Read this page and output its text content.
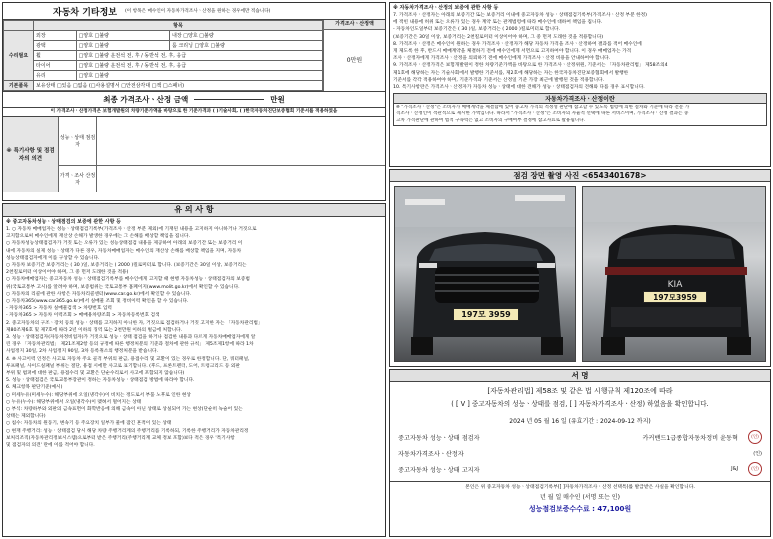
자동차 기타정보 (이 항목은 매수인이 자동차가격조사ㆍ산정을 원하는 경우에만 적습니다)
	항목		
수리필요	외장	□양호 □불량	내장 □양호 □불량
	광택	□양호 □불량	룸 크리닝 □양호 □불량
	휠	□양호 □불량 운전석 전, 후 / 동반석 전, 후, 응급	
	타이어	□양호 □불량 운전석 전, 후 / 동반석 전, 후, 응급	
	유리	□양호 □불량	
기본품목	보유상태 □있음 □없음 (□사용설명서 □안전삼각대 □잭 □스패너)		
가격조사ㆍ산정액
0만원
최종 가격조사ㆍ산정 금액	만원
이 가격조사ㆍ산정가격은 보험개발원의 차량기준가액을 바탕으로 한 기준가격과 ( )기술사회, ( )한국자동차진단보증협회 기준서를 적용하였음
※ 특기사항 및 점검자의 의견
성능ㆍ상태 점검자
가격ㆍ조사 산정자
유 의 사 항
※ 중고자동차성능ㆍ상태점검의 보증에 관한 사항 등
1. ○ 자동차 매매업자는 성능ㆍ상태점검기록부(가격조사ㆍ산정 부분 제외)에 기재된 내용을 고지하지 아니하거나 거짓으로
고지함으로써 매수인에게 재산상 손해가 발생한 경우에는 그 손해를 배상할 책임을 집니다.
○ 자동차성능상태점검자가 거짓 또는 오류가 있는 성능상태점검 내용을 제공하여 아래의 보증기간 또는 보증거리 이
내에 자동차의 실제 성능ㆍ상태가 다른 경우, 자동차매매업자는 매수인의 재산상 손해를 배상할 책임을 지며, 자동차
성능상태점검자에게 이를 구상할 수 있습니다.
○ 자동차 보증기간 보증거리는 ( 30 )일, 보증거리는 ( 2000 )킬로미터로 합니다. (보증기간은 30일 이상, 보증거리는
2천킬로미터 이상이어야 하며, 그 중 먼저 도래한 것을 적용)
○ 자동차매매업자는 중고자동차 성능ㆍ상태점검기록부를 매수인에게 고지할 때 현행 자동차성능ㆍ상태점검자의 보증범
위(국토교통부 고시)를 알려야 하며, 보증범위는 국토교통부 홈페이지(www.molit.go.kr)에서 확인할 수 있습니다.
○ 자동차의 리콜에 관한 사항은 자동차리콜센터(www.car.go.kr)에서 확인할 수 있습니다.
○ 자동차365(www.car365.go.kr)에서 실매물 조회 및 정비이력 확인을 할 수 있습니다.
- 자동차365 > 자동차 실매물검색 > 차량번호 입력
- 자동차365 > 자동차 이력조회 > 매매용차량조회 > 자동차등록번호 검색
2. 중고자동차의 구조ㆍ장치 등의 성능ㆍ상태를 고지하지 아니한 자, 거짓으로 점검하거나 거짓 고지한 자는 「자동차관리법」
제80조제6호 및 제7호에 따라 2년 이하의 징역 또는 2천만원 이하의 벌금에 처합니다.
3. 성능ㆍ상태점검자(자동차정비업자)가 거짓으로 성능ㆍ상태 점검을 하거나 점검한 내용과 다르게 자동차매매업자에게 알
린 경우 「자동차관리법」 제21조제2항 등의 규정에 따른 행정처분의 기준과 절차에 관한 규칙」 제5조제1항에 따라 1차
사업정지 30일, 2차 사업정지 90일, 3차 등록취소의 행정처분을 받습니다.
4. ※ 사고이력 인정은 사고로 자동차 주요 골격 부위의 판금, 용접수리 및 교환이 있는 경우로 한정합니다. 단, 쿼터패널,
루프패널, 사이드실패널 부위는 절단, 용접 시에만 사고로 표기합니다. (후드, 프론트펜더, 도어, 트렁크리드 등 외판
부위 및 범퍼에 대한 판금, 용접수리 및 교환은 단순수리로서 사고에 포함되지 않습니다)
5. 성능ㆍ상태점검은 국토교통부장관이 정하는 자동차성능ㆍ상태점검 방법에 따라야 합니다.
6. 체크항목 판단기준(예시)
○ 미세누유(미세누수): 해당부위에 오일(냉각수)이 비치는 정도로서 부품 노후로 인한 현상
○ 누유(누수): 해당부위에서 오일(냉각수)이 맺혀서 떨어지는 상태
○ 부식: 차량하부와 외판의 금속표면이 화학반응에 의해 금속이 아닌 상태로 상실되어 가는 현상(단순히 녹슬어 있는
상태는 제외합니다)
○ 침수: 자동차의 원동기, 변속기 등 주요장치 일부가 물에 잠긴 흔적이 있는 상태
○ 현재 주행거리: 성능ㆍ상태점검 당시 해당 차량 주행거리계의 주행거리를 기록하되, 기록한 주행거리가 자동차관리정
보처리조직(자동차관리정보시스템)으로부터 받은 주행거리(주행거리계 교체 정보 포함)보다 적은 경우 '특기사항
및 점검자의 의견' 란에 이를 적어야 합니다.
※ 자동차가격조사ㆍ산정의 보증에 관한 사항 등
7. 가격조사ㆍ산정자는 아래의 보증기간 또는 보증거리 이내에 중고자동차 성능ㆍ상태점검기록부(가격조사ㆍ산정 부분 한정)
에 적힌 내용에 허위 또는 오류가 있는 경우 계약 또는 관계법령에 따라 매수인에 대하여 책임을 집니다.
- 자동차인도일부터 보증기간은 ( 30 )일, 보증거리는 ( 2000 )킬로미터로 합니다.
(보증기간은 30일 이상, 보증거리는 2천킬로미터 이상이어야 하며, 그 중 먼저 도래한 것을 적용합니다)
8. 가격조사ㆍ산정은 매수인이 원하는 경우 가격조사ㆍ산정자가 해당 자동차 가격을 조사ㆍ산정하여 결과를 적어 매수인에
게 제도록 한 후, 반드시 매매계약을 체결하기 전에 매수인에게 서면으로 고지하여야 합니다. 이 경우 매매업자는 가격
조사ㆍ산정자에게 가격조사ㆍ산정을 의뢰하기 전에 매수인에게 가격조사ㆍ산정 비용을 안내하여야 합니다.
9. 가격조사ㆍ산정가격은 보험개발원이 정한 차량기준가액을 바탕으로 한 가격조사ㆍ산정위원, 기준서는 「자동차관리법」 제58조의4
제1호에 해당하는 자는 기술사회에서 발행한 기준서를, 제2호에 해당하는 자는 한국자동차진단보증협회에서 발행한
기준서를 각각 적용하여야 하며, 기준가격과 기준서는 산정일 기준 가장 최근에 발행된 것을 적용합니다.
10. 특기사항란은 가격조사ㆍ산정자가 자동차 성능ㆍ상태에 대한 견해가 성능ㆍ상태점검자의 견해와 다를 경우 표시합니다.
자동차가격조사ㆍ산정이란
※ "가격조사ㆍ산정"은 소비자가 매매계약을 체결함에 있어 중고차 가격의 적정성 판단에 참고할 수 있도록 법령에 의한 절차와 기준에 따라 전문 가
격조사ㆍ산정인이 객관적으로 제시한 가액입니다. 따라서 "가격조사ㆍ산정"은 소비자의 자율적 선택에 따른 서비스이며, 가격조사ㆍ산정 결과는 중
고차 가격판단에 관하여 법적 구속력은 없고 소비자의 구매여부 결정에 참고자료로 활용됩니다.
점검 장면 촬영 사진 <6543401678>
197모 3959
KIA
197모3959
서 명
[자동차관리법] 제58조 및 같은 법 시행규칙 제120조에 따라
( [ V ] 중고자동차의 성능ㆍ상태를 점검, [ ] 자동차가격조사ㆍ산정) 하였음을 확인합니다.
2024 년 05 월 16 일 (유효기간 : 2024-09-12 까지)
중고자동차 성능ㆍ상태 점검자	카커밴드1급종합자동차정비 윤동혁	(인)
자동차가격조사ㆍ산정자	(인)
중고자동차 성능ㆍ상태 고지자	J&J	(인)
본인은 위 중고자동차 성능ㆍ상태점검기록부([ ]자동차가격조사ㆍ산정 선택특)를 발급받은 사실을 확인합니다.
년 월 일 매수인 (서명 또는 인)
성능점검보증수수료 : 47,100원
